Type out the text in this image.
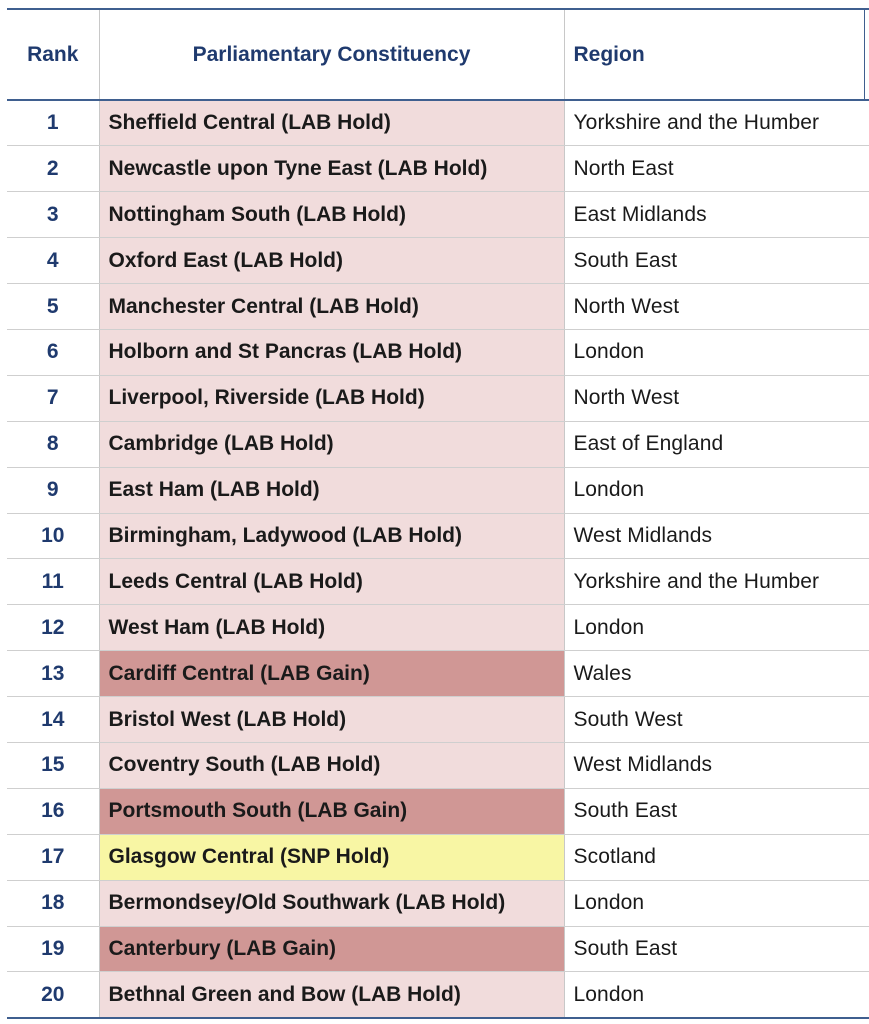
Rank	Parliamentary Constituency	Region	
1	Sheffield Central (LAB Hold)	Yorkshire and the Humber	
2	Newcastle upon Tyne East (LAB Hold)	North East	
3	Nottingham South (LAB Hold)	East Midlands	
4	Oxford East (LAB Hold)	South East	
5	Manchester Central (LAB Hold)	North West	
6	Holborn and St Pancras (LAB Hold)	London	
7	Liverpool, Riverside (LAB Hold)	North West	
8	Cambridge (LAB Hold)	East of England	
9	East Ham (LAB Hold)	London	
10	Birmingham, Ladywood (LAB Hold)	West Midlands	
11	Leeds Central (LAB Hold)	Yorkshire and the Humber	
12	West Ham (LAB Hold)	London	
13	Cardiff Central (LAB Gain)	Wales	
14	Bristol West (LAB Hold)	South West	
15	Coventry South (LAB Hold)	West Midlands	
16	Portsmouth South (LAB Gain)	South East	
17	Glasgow Central (SNP Hold)	Scotland	
18	Bermondsey/Old Southwark (LAB Hold)	London	
19	Canterbury (LAB Gain)	South East	
20	Bethnal Green and Bow (LAB Hold)	London	
